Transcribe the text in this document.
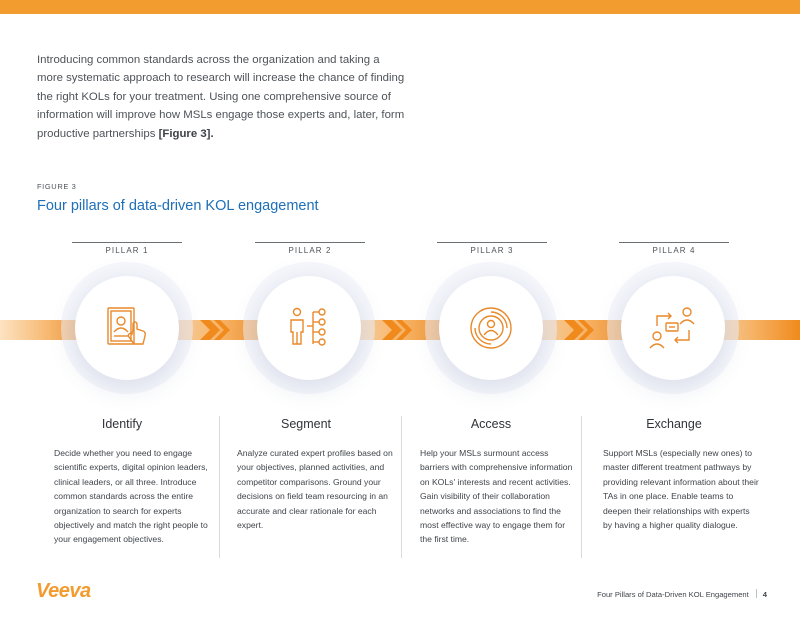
Introducing common standards across the organization and taking a more systematic approach to research will increase the chance of finding the right KOLs for your treatment. Using one comprehensive source of information will improve how MSLs engage those experts and, later, form productive partnerships [Figure 3].

FIGURE 3
Four pillars of data-driven KOL engagement
PILLAR 1	PILLAR 2	PILLAR 3	PILLAR 4
Identify	Segment	Access	Exchange
Decide whether you need to engage scientific experts, digital opinion leaders, clinical leaders, or all three. Introduce common standards across the entire organization to search for experts objectively and match the right people to your engagement objectives.
Analyze curated expert profiles based on your objectives, planned activities, and competitor comparisons. Ground your decisions on field team resourcing in an accurate and clear rationale for each expert.
Help your MSLs surmount access barriers with comprehensive information on KOLs' interests and recent activities. Gain visibility of their collaboration networks and associations to find the most effective way to engage them for the first time.
Support MSLs (especially new ones) to master different treatment pathways by providing relevant information about their TAs in one place. Enable teams to deepen their relationships with experts by having a higher quality dialogue.
Veeva	Four Pillars of Data-Driven KOL Engagement 4
